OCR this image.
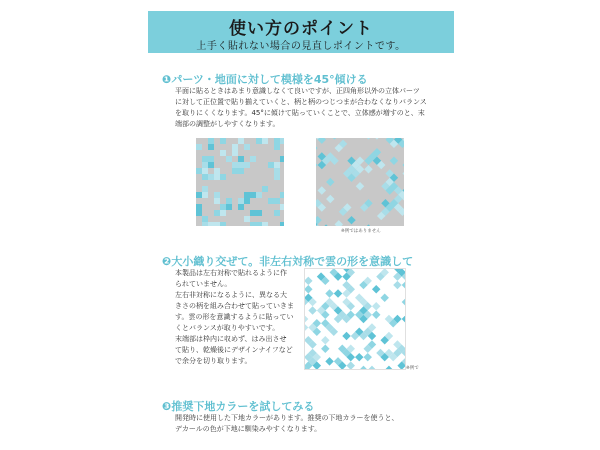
使い方のポイント
上手く貼れない場合の見直しポイントです。
❶パーツ・地面に対して模様を45°傾ける
平面に貼るときはあまり意識しなくて良いですが、正四角形以外の立体パーツ
に対して正位置で貼り揃えていくと、柄と柄のつじつまが合わなくなりバランス
を取りにくくなります。45°に傾けて貼っていくことで、立体感が増すのと、末
端部の調整がしやすくなります。
※例ではありません
❷大小織り交ぜて。非左右対称で雲の形を意識して
本製品は左右対称で貼れるように作
られていません。
左右非対称になるように、異なる大
きさの柄を組み合わせて貼っていきま
す。雲の形を意識するように貼ってい
くとバランスが取りやすいです。
末端部は枠内に収めず、はみ出させ
て貼り、乾燥後にデザインナイフなど
で余分を切り取ります。
※例で
❸推奨下地カラーを試してみる
開発時に使用した下地カラーがあります。推奨の下地カラーを使うと、
デカールの色が下地に馴染みやすくなります。
